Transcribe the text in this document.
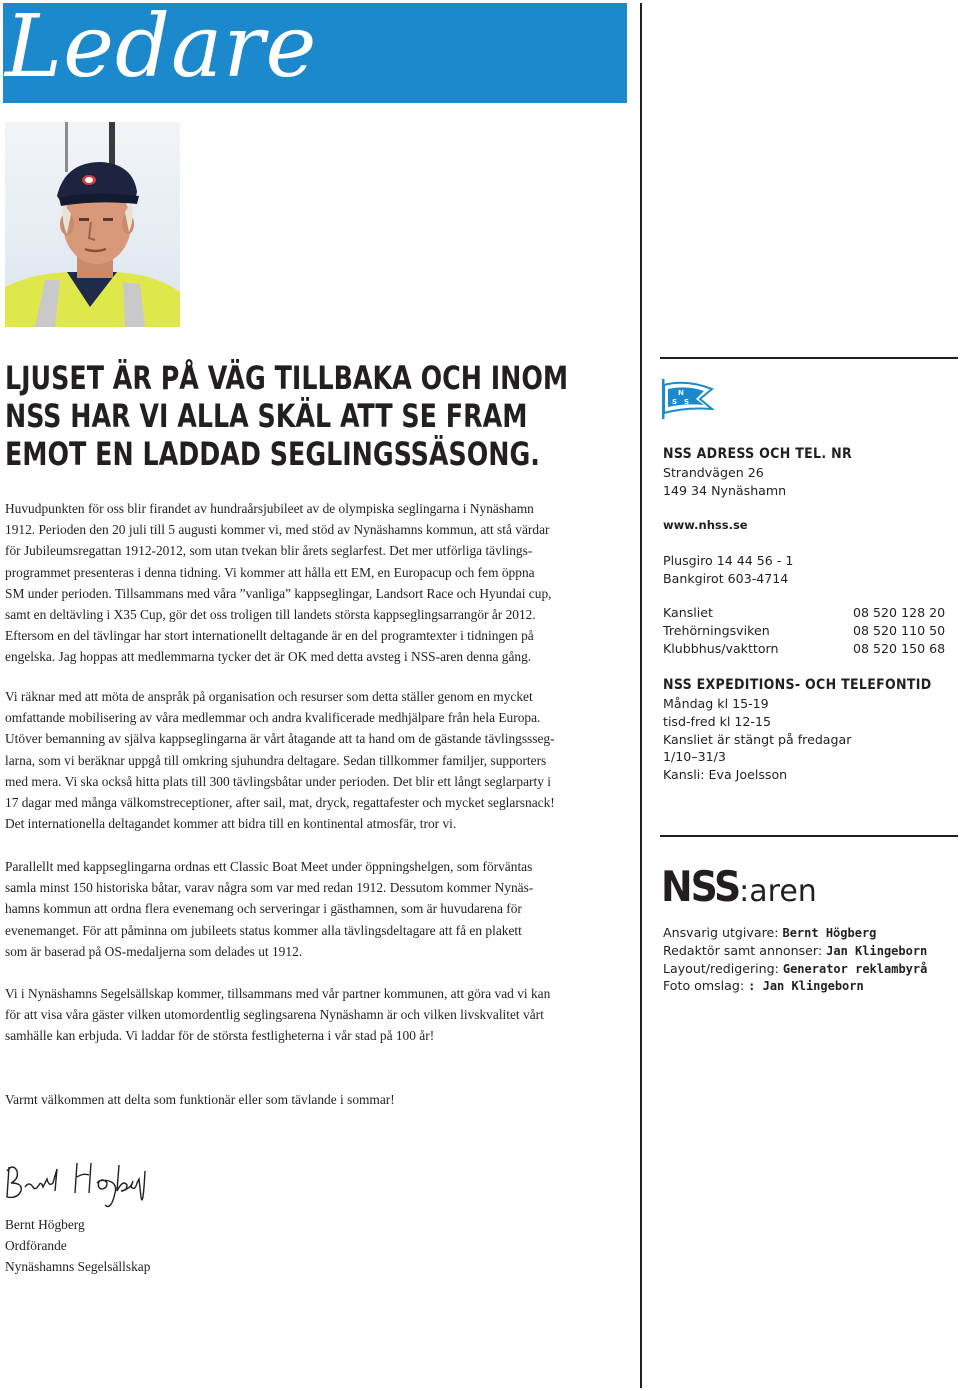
Ledare
LJUSET ÄR PÅ VÄG TILLBAKA OCH INOM
NSS HAR VI ALLA SKÄL ATT SE FRAM
EMOT EN LADDAD SEGLINGSSÄSONG.
Huvudpunkten för oss blir firandet av hundraårsjubileet av de olympiska seglingarna i Nynäshamn
1912. Perioden den 20 juli till 5 augusti kommer vi, med stöd av Nynäshamns kommun, att stå värdar
för Jubileumsregattan 1912-2012, som utan tvekan blir årets seglarfest. Det mer utförliga tävlings-
programmet presenteras i denna tidning. Vi kommer att hålla ett EM, en Europacup och fem öppna
SM under perioden. Tillsammans med våra ”vanliga” kappseglingar, Landsort Race och Hyundai cup,
samt en deltävling i X35 Cup, gör det oss troligen till landets största kappseglingsarrangör år 2012.
Eftersom en del tävlingar har stort internationellt deltagande är en del programtexter i tidningen på
engelska. Jag hoppas att medlemmarna tycker det är OK med detta avsteg i NSS-aren denna gång.
Vi räknar med att möta de anspråk på organisation och resurser som detta ställer genom en mycket
omfattande mobilisering av våra medlemmar och andra kvalificerade medhjälpare från hela Europa.
Utöver bemanning av själva kappseglingarna är vårt åtagande att ta hand om de gästande tävlingssseg-
larna, som vi beräknar uppgå till omkring sjuhundra deltagare. Sedan tillkommer familjer, supporters
med mera. Vi ska också hitta plats till 300 tävlingsbåtar under perioden. Det blir ett långt seglarparty i
17 dagar med många välkomstreceptioner, after sail, mat, dryck, regattafester och mycket seglarsnack!
Det internationella deltagandet kommer att bidra till en kontinental atmosfär, tror vi.
Parallellt med kappseglingarna ordnas ett Classic Boat Meet under öppningshelgen, som förväntas
samla minst 150 historiska båtar, varav några som var med redan 1912. Dessutom kommer Nynäs-
hamns kommun att ordna flera evenemang och serveringar i gästhamnen, som är huvudarena för
evenemanget. För att påminna om jubileets status kommer alla tävlingsdeltagare att få en plakett
som är baserad på OS-medaljerna som delades ut 1912.
Vi i Nynäshamns Segelsällskap kommer, tillsammans med vår partner kommunen, att göra vad vi kan
för att visa våra gäster vilken utomordentlig seglingsarena Nynäshamn är och vilken livskvalitet vårt
samhälle kan erbjuda. Vi laddar för de största festligheterna i vår stad på 100 år!
Varmt välkommen att delta som funktionär eller som tävlande i sommar!
Bernt Högberg
Ordförande
Nynäshamns Segelsällskap
N
S S
NSS ADRESS OCH TEL. NR
Strandvägen 26
149 34 Nynäshamn
www.nhss.se
Plusgiro 14 44 56 - 1
Bankgirot 603-4714
Kansliet	08 520 128 20
Trehörningsviken	08 520 110 50
Klubbhus/vakttorn	08 520 150 68
NSS EXPEDITIONS- OCH TELEFONTID
Måndag kl 15-19
tisd-fred kl 12-15
Kansliet är stängt på fredagar
1/10–31/3
Kansli: Eva Joelsson
NSS:aren
Ansvarig utgivare: Bernt Högberg
Redaktör samt annonser: Jan Klingeborn
Layout/redigering: Generator reklambyrå
Foto omslag: : Jan Klingeborn
